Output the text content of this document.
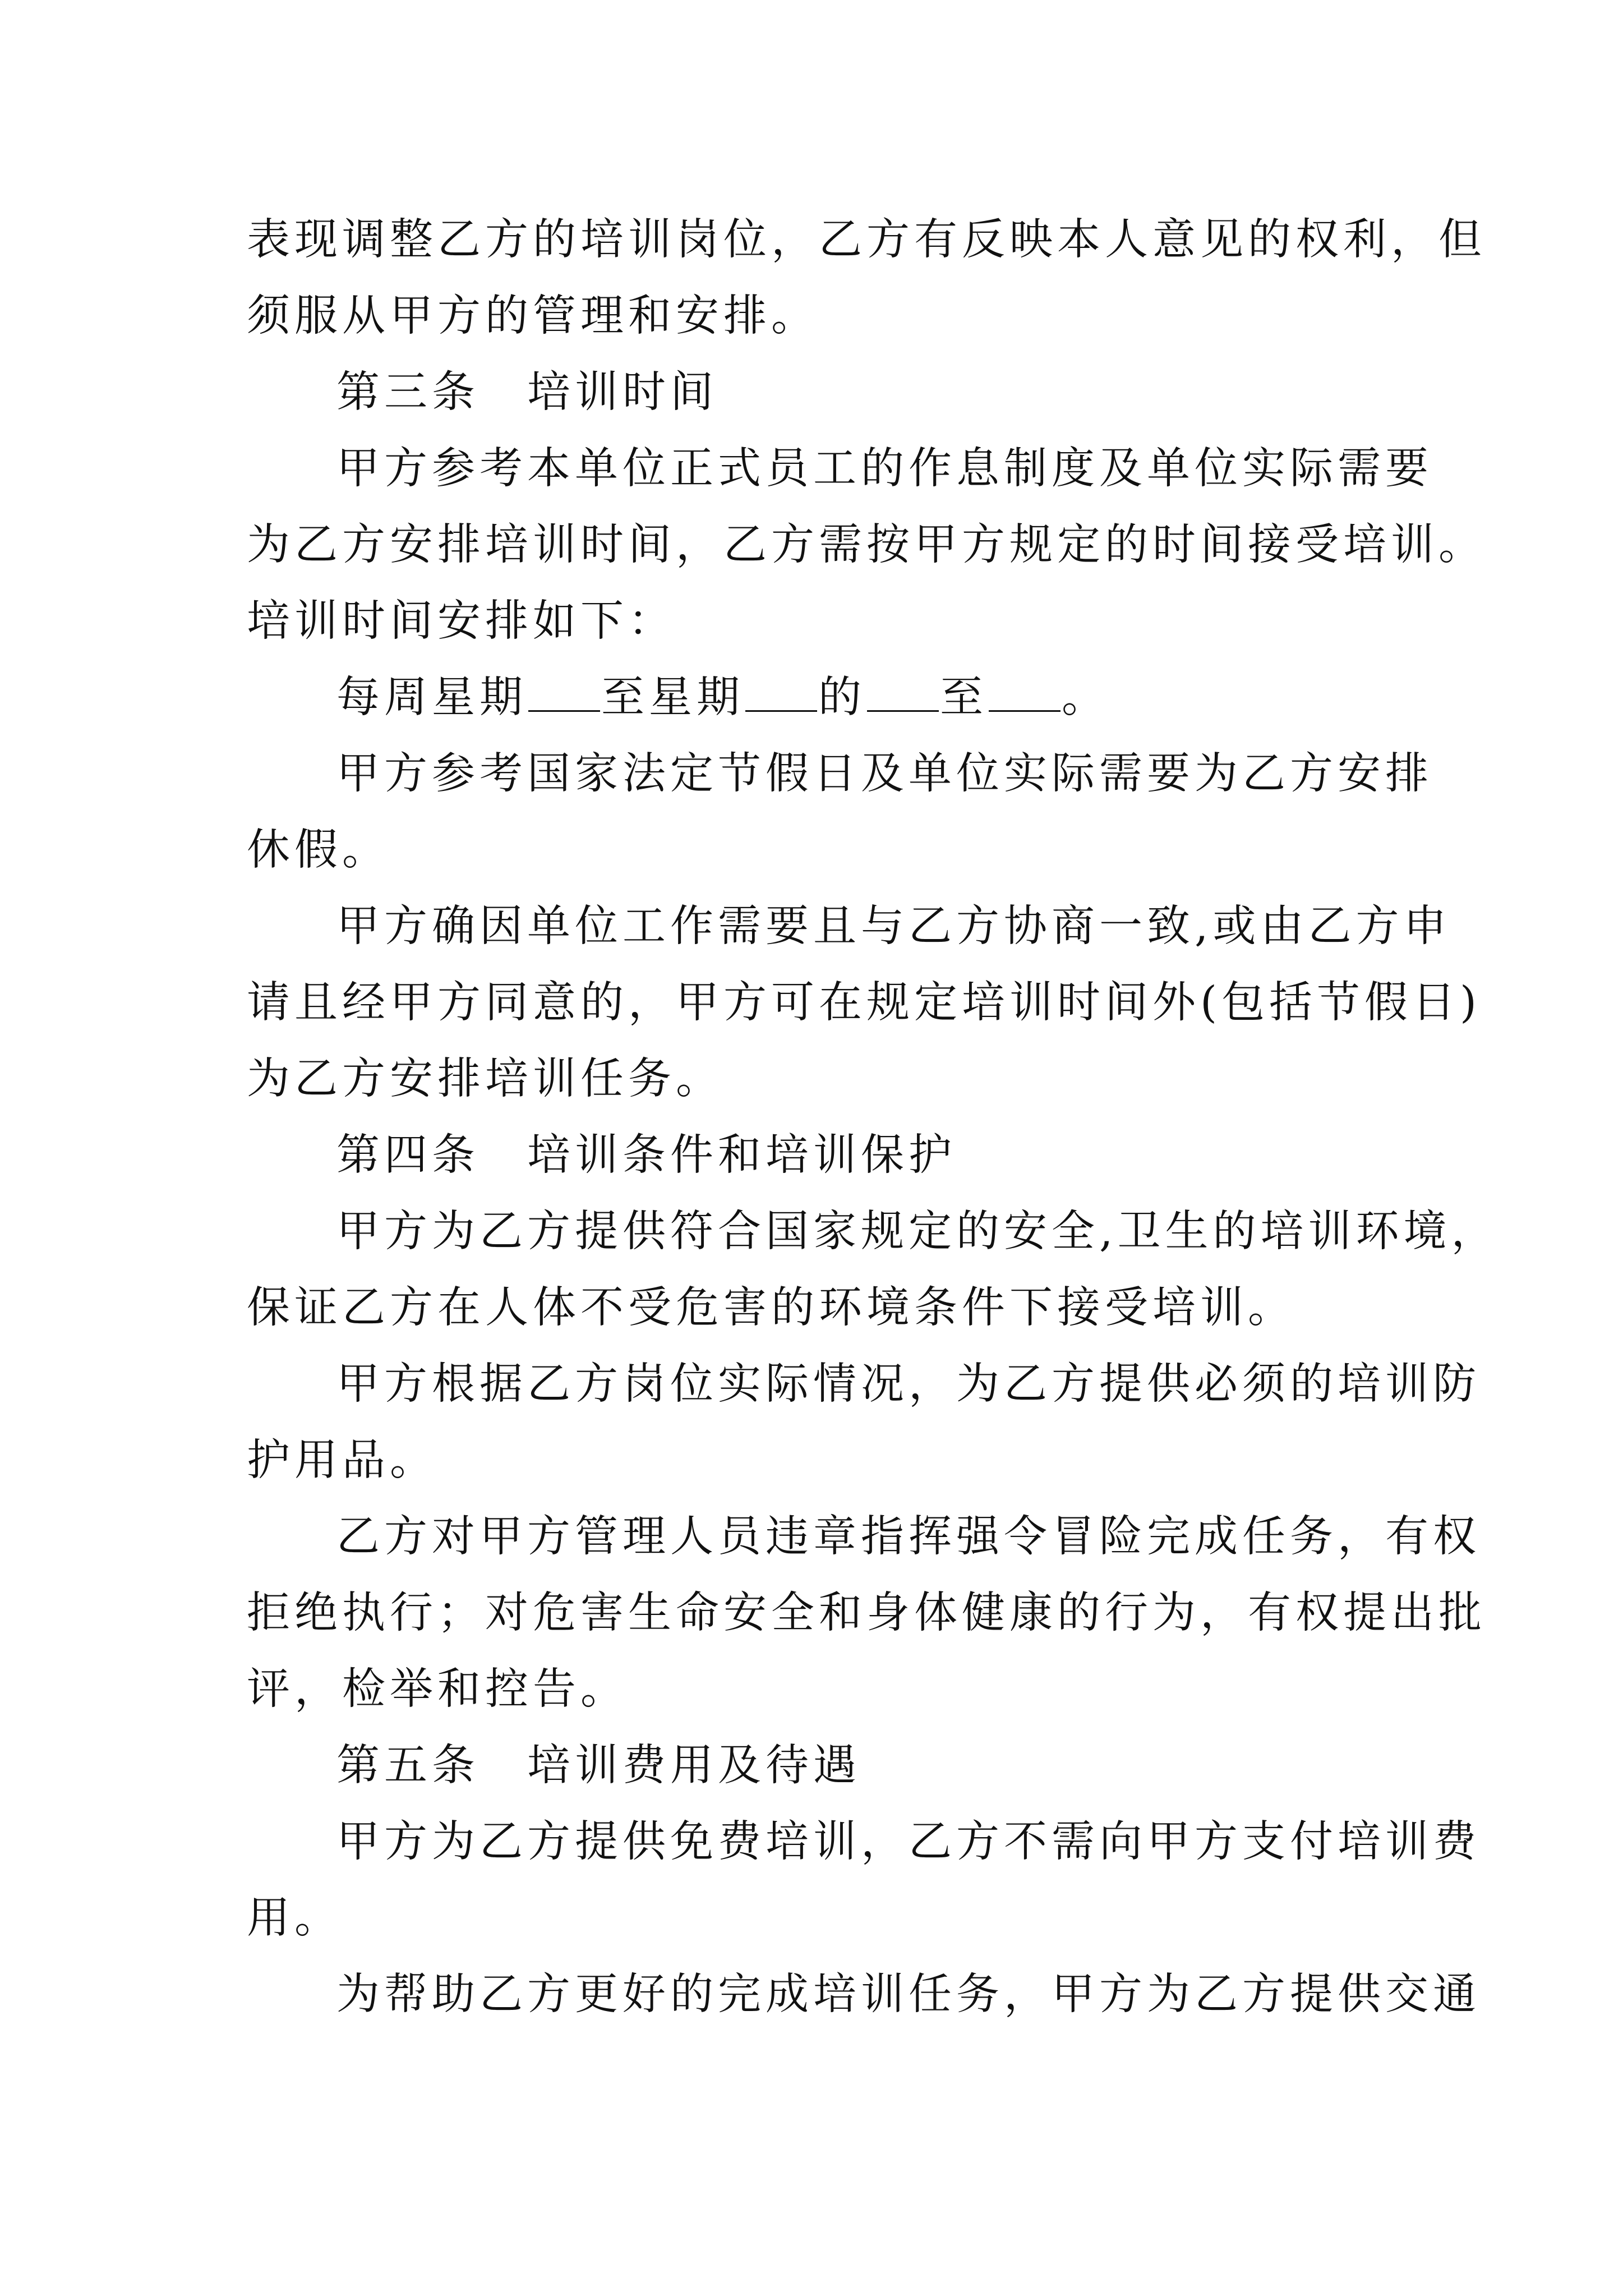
表现调整乙方的培训岗位，乙方有反映本人意见的权利，但
须服从甲方的管理和安排。
第三条　培训时间
甲方参考本单位正式员工的作息制度及单位实际需要
为乙方安排培训时间，乙方需按甲方规定的时间接受培训。
培训时间安排如下：
每周星期 至星期 的 至 。
甲方参考国家法定节假日及单位实际需要为乙方安排
休假。
甲方确因单位工作需要且与乙方协商一致,或由乙方申
请且经甲方同意的，甲方可在规定培训时间外(包括节假日)
为乙方安排培训任务。
第四条　培训条件和培训保护
甲方为乙方提供符合国家规定的安全,卫生的培训环境，
保证乙方在人体不受危害的环境条件下接受培训。
甲方根据乙方岗位实际情况，为乙方提供必须的培训防
护用品。
乙方对甲方管理人员违章指挥强令冒险完成任务，有权
拒绝执行；对危害生命安全和身体健康的行为，有权提出批
评，检举和控告。
第五条　培训费用及待遇
甲方为乙方提供免费培训，乙方不需向甲方支付培训费
用。
为帮助乙方更好的完成培训任务，甲方为乙方提供交通
